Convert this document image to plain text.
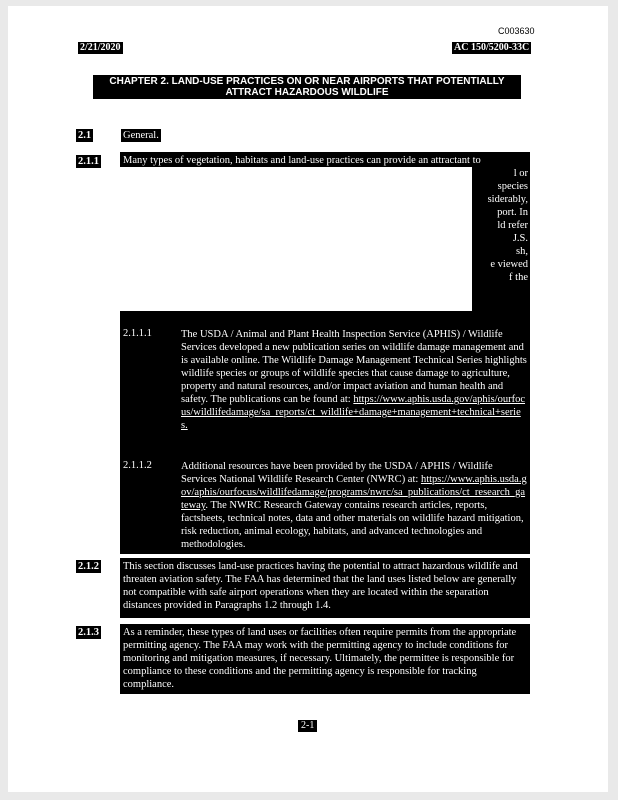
C003630
2/21/2020	AC 150/5200-33C
CHAPTER 2. LAND-USE PRACTICES ON OR NEAR AIRPORTS THAT POTENTIALLY ATTRACT HAZARDOUS WILDLIFE
2.1	General.
2.1.1 Many types of vegetation, habitats and land-use practices can provide an attractant to
l or
species
siderably,
port. In
ld refer
J.S.
sh,
e viewed
f the
2.1.1.1	The USDA / Animal and Plant Health Inspection Service (APHIS) / Wildlife Services developed a new publication series on wildlife damage management and is available online. The Wildlife Damage Management Technical Series highlights wildlife species or groups of wildlife species that cause damage to agriculture, property and natural resources, and/or impact aviation and human health and safety. The publications can be found at: https://www.aphis.usda.gov/aphis/ourfocus/wildlifedamage/sa_reports/ct_wildlife+damage+management+technical+series.
2.1.1.2	Additional resources have been provided by the USDA / APHIS / Wildlife Services National Wildlife Research Center (NWRC) at: https://www.aphis.usda.gov/aphis/ourfocus/wildlifedamage/programs/nwrc/sa_publications/ct_research_gateway. The NWRC Research Gateway contains research articles, reports, factsheets, technical notes, data and other materials on wildlife hazard mitigation, risk reduction, animal ecology, habitats, and advanced technologies and methodologies.
2.1.2 This section discusses land-use practices having the potential to attract hazardous wildlife and threaten aviation safety. The FAA has determined that the land uses listed below are generally not compatible with safe airport operations when they are located within the separation distances provided in Paragraphs 1.2 through 1.4.
2.1.3 As a reminder, these types of land uses or facilities often require permits from the appropriate permitting agency. The FAA may work with the permitting agency to include conditions for monitoring and mitigation measures, if necessary. Ultimately, the permittee is responsible for compliance to these conditions and the permitting agency is responsible for tracking compliance.
2-1
